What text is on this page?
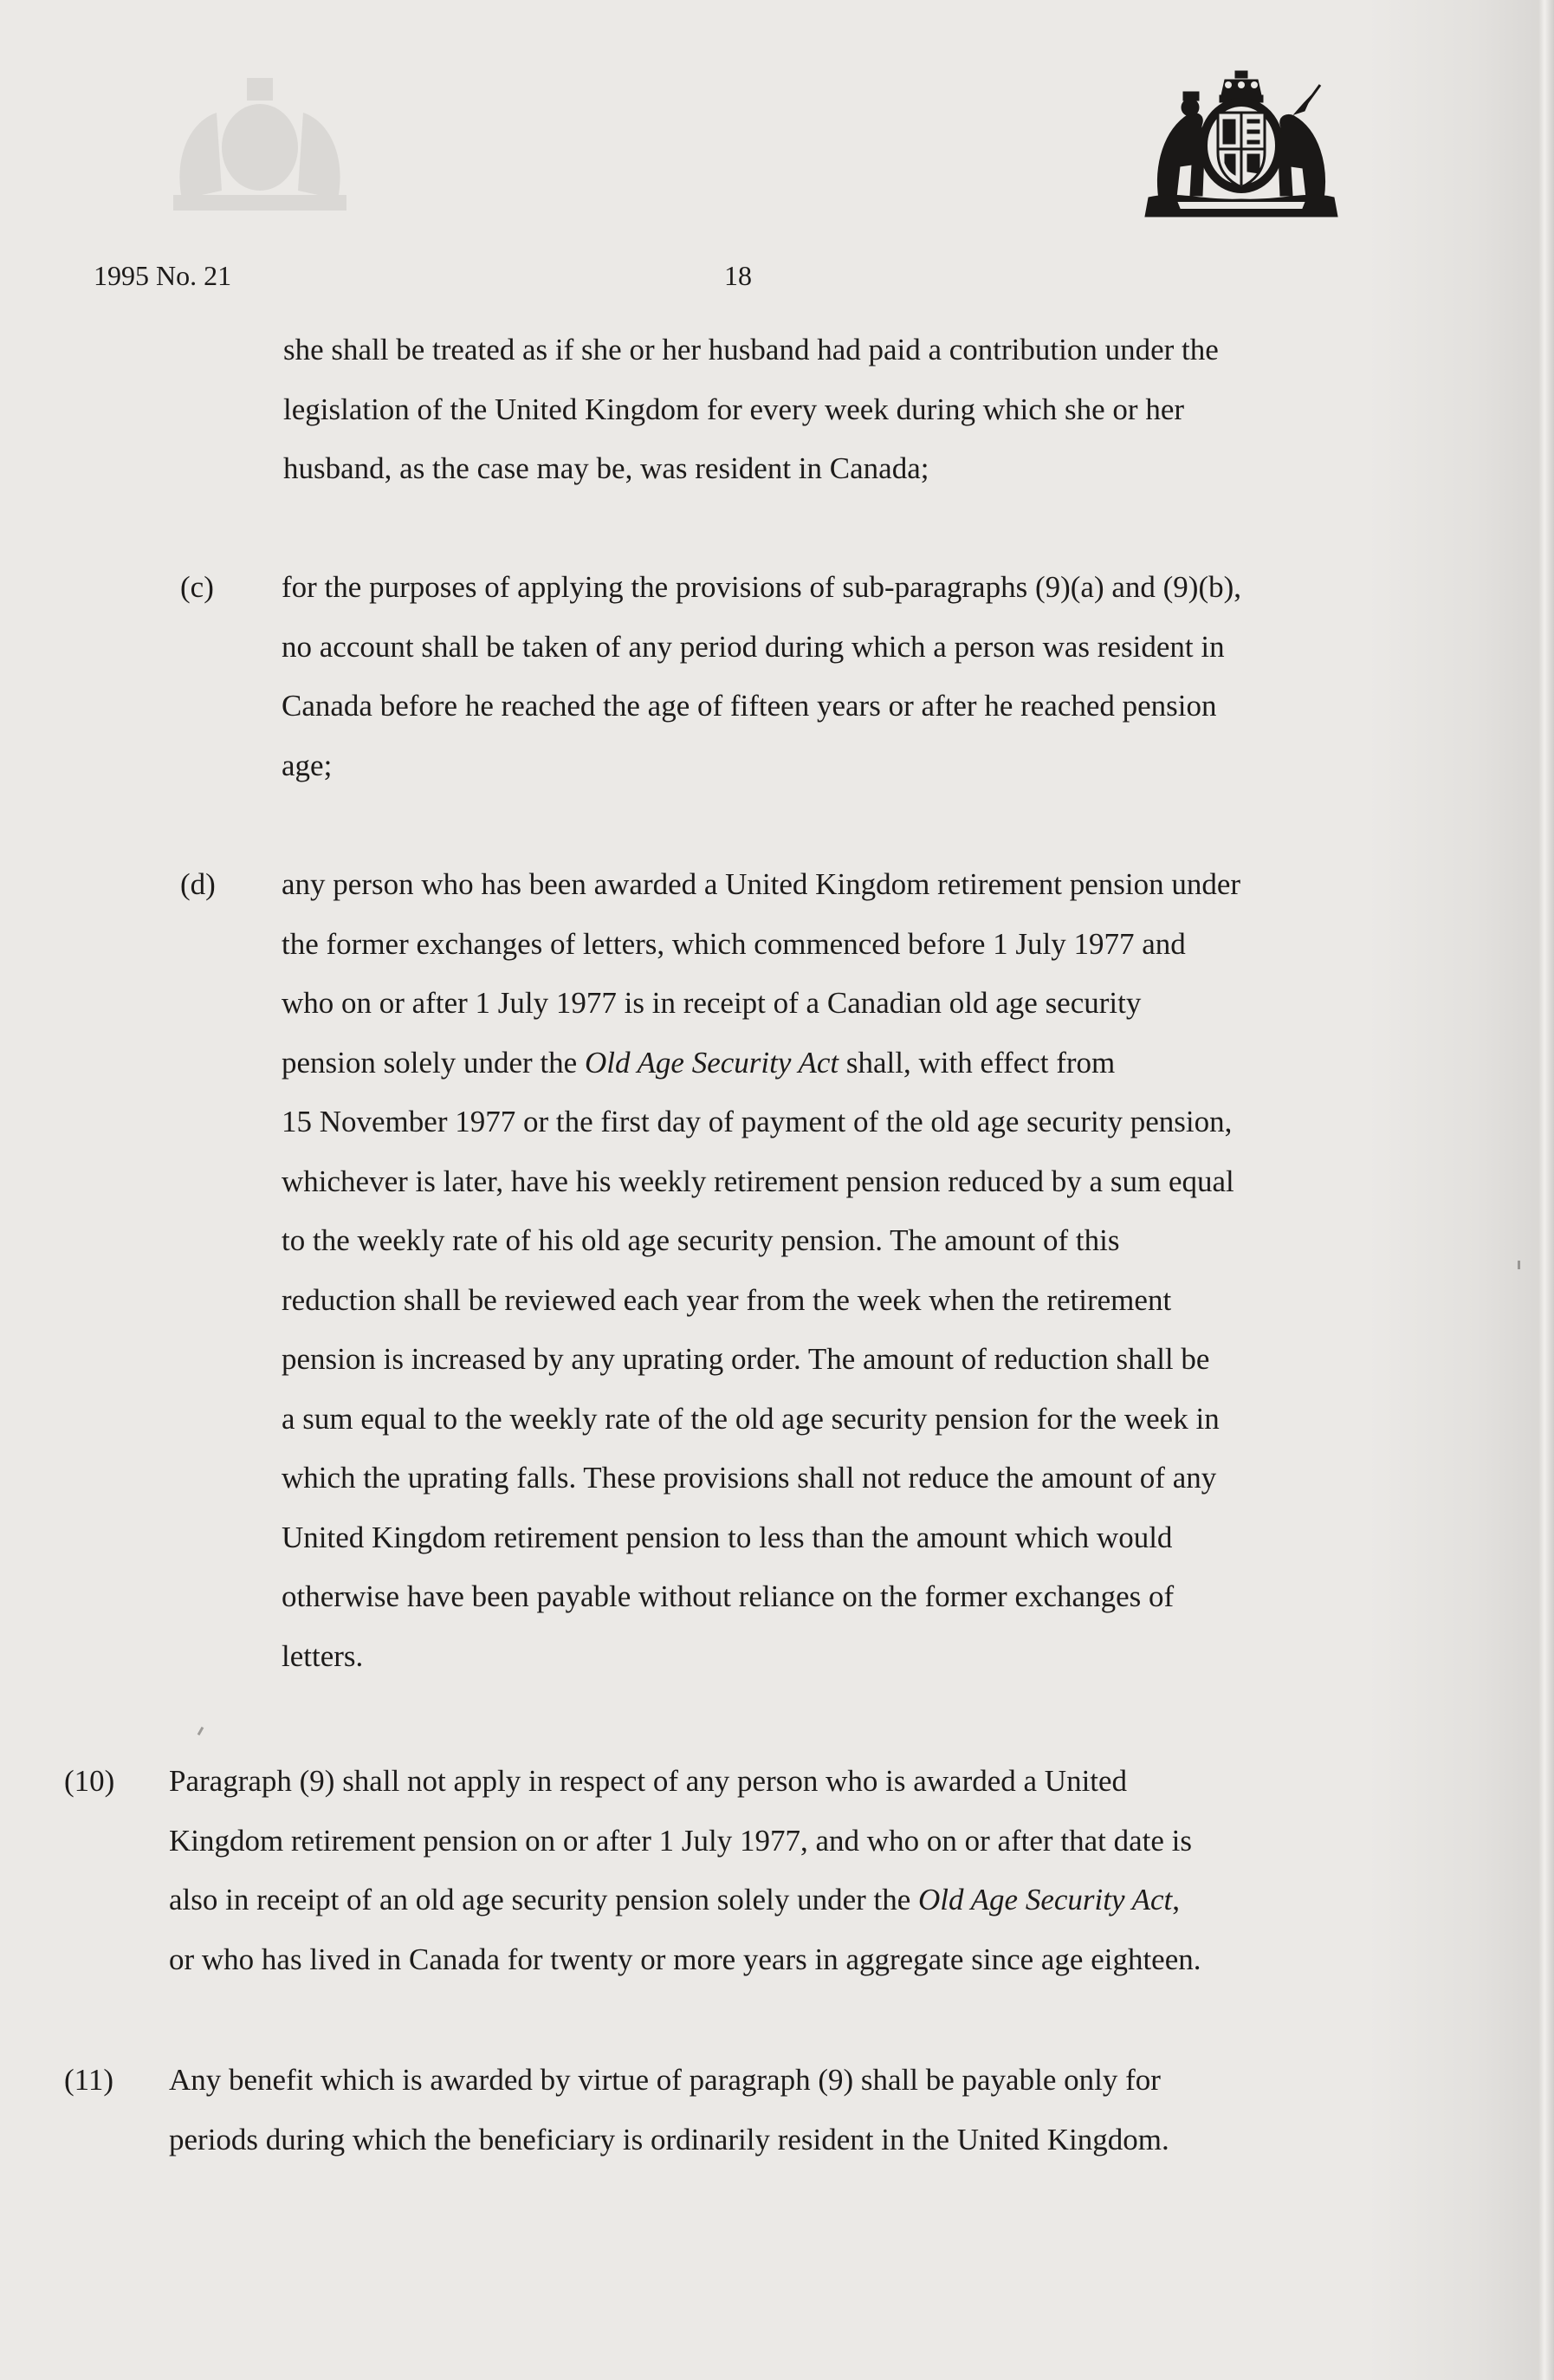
1995 No. 21	18
she shall be treated as if she or her husband had paid a contribution under the
legislation of the United Kingdom for every week during which she or her
husband, as the case may be, was resident in Canada;
(c)	for the purposes of applying the provisions of sub-paragraphs (9)(a) and (9)(b),
no account shall be taken of any period during which a person was resident in
Canada before he reached the age of fifteen years or after he reached pension
age;
(d)	any person who has been awarded a United Kingdom retirement pension under
the former exchanges of letters, which commenced before 1 July 1977 and
who on or after 1 July 1977 is in receipt of a Canadian old age security
pension solely under the Old Age Security Act shall, with effect from
15 November 1977 or the first day of payment of the old age security pension,
whichever is later, have his weekly retirement pension reduced by a sum equal
to the weekly rate of his old age security pension. The amount of this
reduction shall be reviewed each year from the week when the retirement
pension is increased by any uprating order. The amount of reduction shall be
a sum equal to the weekly rate of the old age security pension for the week in
which the uprating falls. These provisions shall not reduce the amount of any
United Kingdom retirement pension to less than the amount which would
otherwise have been payable without reliance on the former exchanges of
letters.
(10)	Paragraph (9) shall not apply in respect of any person who is awarded a United
Kingdom retirement pension on or after 1 July 1977, and who on or after that date is
also in receipt of an old age security pension solely under the Old Age Security Act,
or who has lived in Canada for twenty or more years in aggregate since age eighteen.
(11)	Any benefit which is awarded by virtue of paragraph (9) shall be payable only for
periods during which the beneficiary is ordinarily resident in the United Kingdom.
